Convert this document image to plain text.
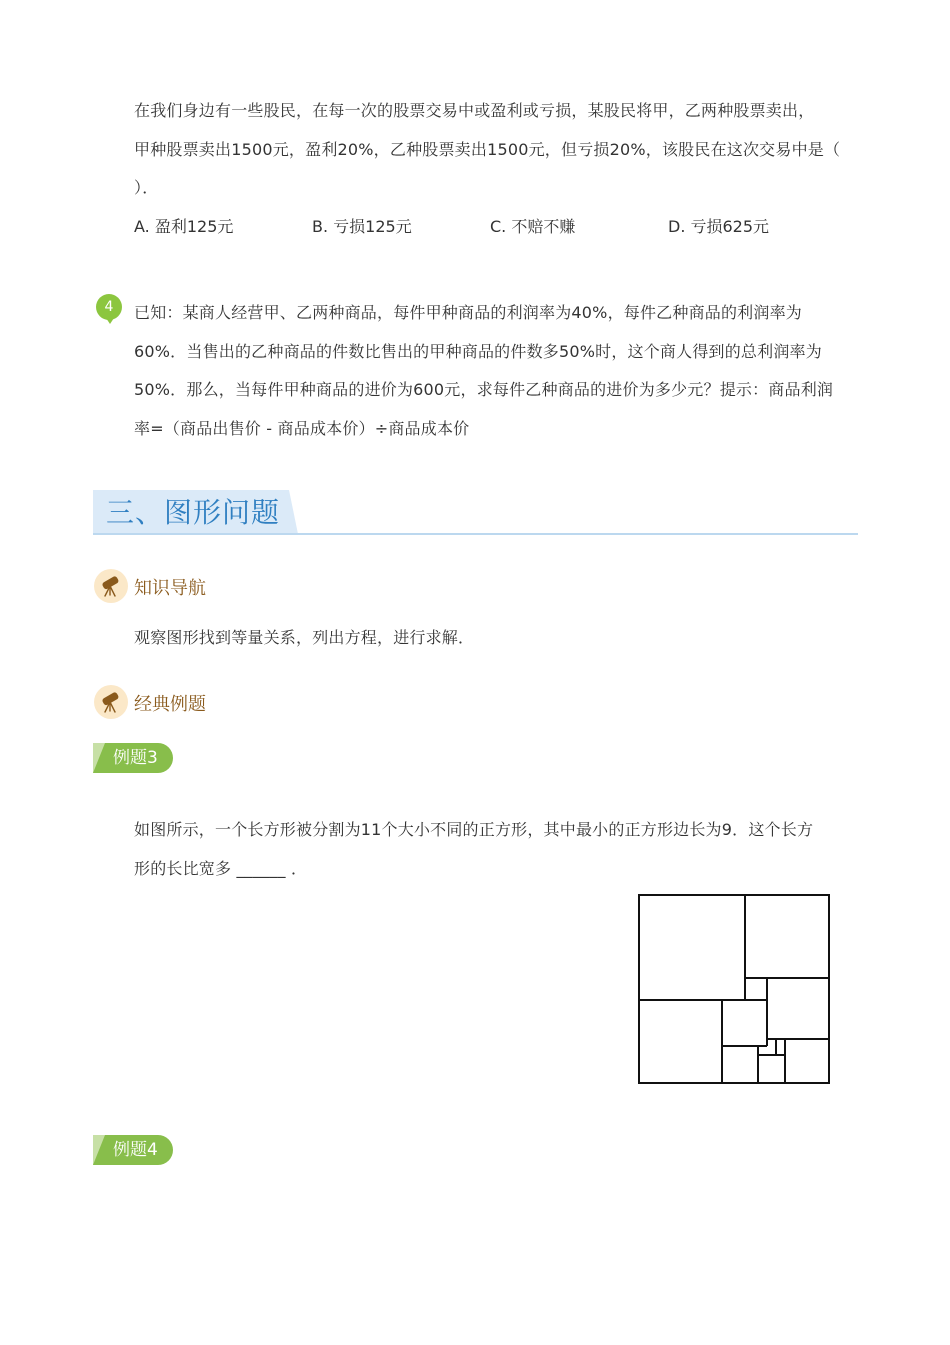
在我们身边有一些股民，在每一次的股票交易中或盈利或亏损，某股民将甲，乙两种股票卖出，
甲种股票卖出1500元，盈利20%，乙种股票卖出1500元，但亏损20%，该股民在这次交易中是（
）．
A. 盈利125元	B. 亏损125元	C. 不赔不赚	D. 亏损625元
4	已知：某商人经营甲、乙两种商品，每件甲种商品的利润率为40%，每件乙种商品的利润率为
60%．当售出的乙种商品的件数比售出的甲种商品的件数多50%时，这个商人得到的总利润率为
50%．那么，当每件甲种商品的进价为600元，求每件乙种商品的进价为多少元？提示：商品利润
率=（商品出售价 - 商品成本价）÷商品成本价
三、图形问题
知识导航
观察图形找到等量关系，列出方程，进行求解．
经典例题
例题3
如图所示，一个长方形被分割为11个大小不同的正方形，其中最小的正方形边长为9．这个长方
形的长比宽多 ______ ．
例题4
